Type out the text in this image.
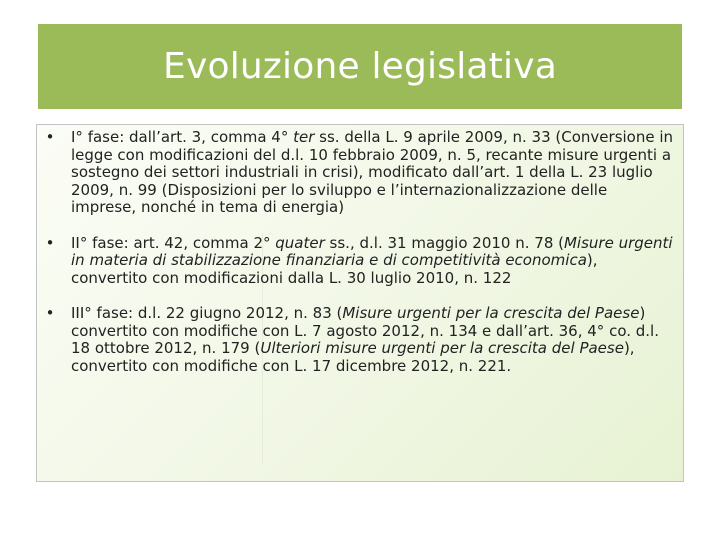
Evoluzione legislativa
• I° fase: dall’art. 3, comma 4° ter ss. della L. 9 aprile 2009, n. 33 (Conversione in legge con modificazioni del d.l. 10 febbraio 2009, n. 5, recante misure urgenti a sostegno dei settori industriali in crisi), modificato dall’art. 1 della L. 23 luglio 2009, n. 99 (Disposizioni per lo sviluppo e l’internazionalizzazione delle imprese, nonché in tema di energia)
• II° fase: art. 42, comma 2° quater ss., d.l. 31 maggio 2010 n. 78 (Misure urgenti in materia di stabilizzazione finanziaria e di competitività economica), convertito con modificazioni dalla L. 30 luglio 2010, n. 122
• III° fase: d.l. 22 giugno 2012, n. 83 (Misure urgenti per la crescita del Paese) convertito con modifiche con L. 7 agosto 2012, n. 134 e dall’art. 36, 4° co. d.l. 18 ottobre 2012, n. 179 (Ulteriori misure urgenti per la crescita del Paese), convertito con modifiche con L. 17 dicembre 2012, n. 221.
